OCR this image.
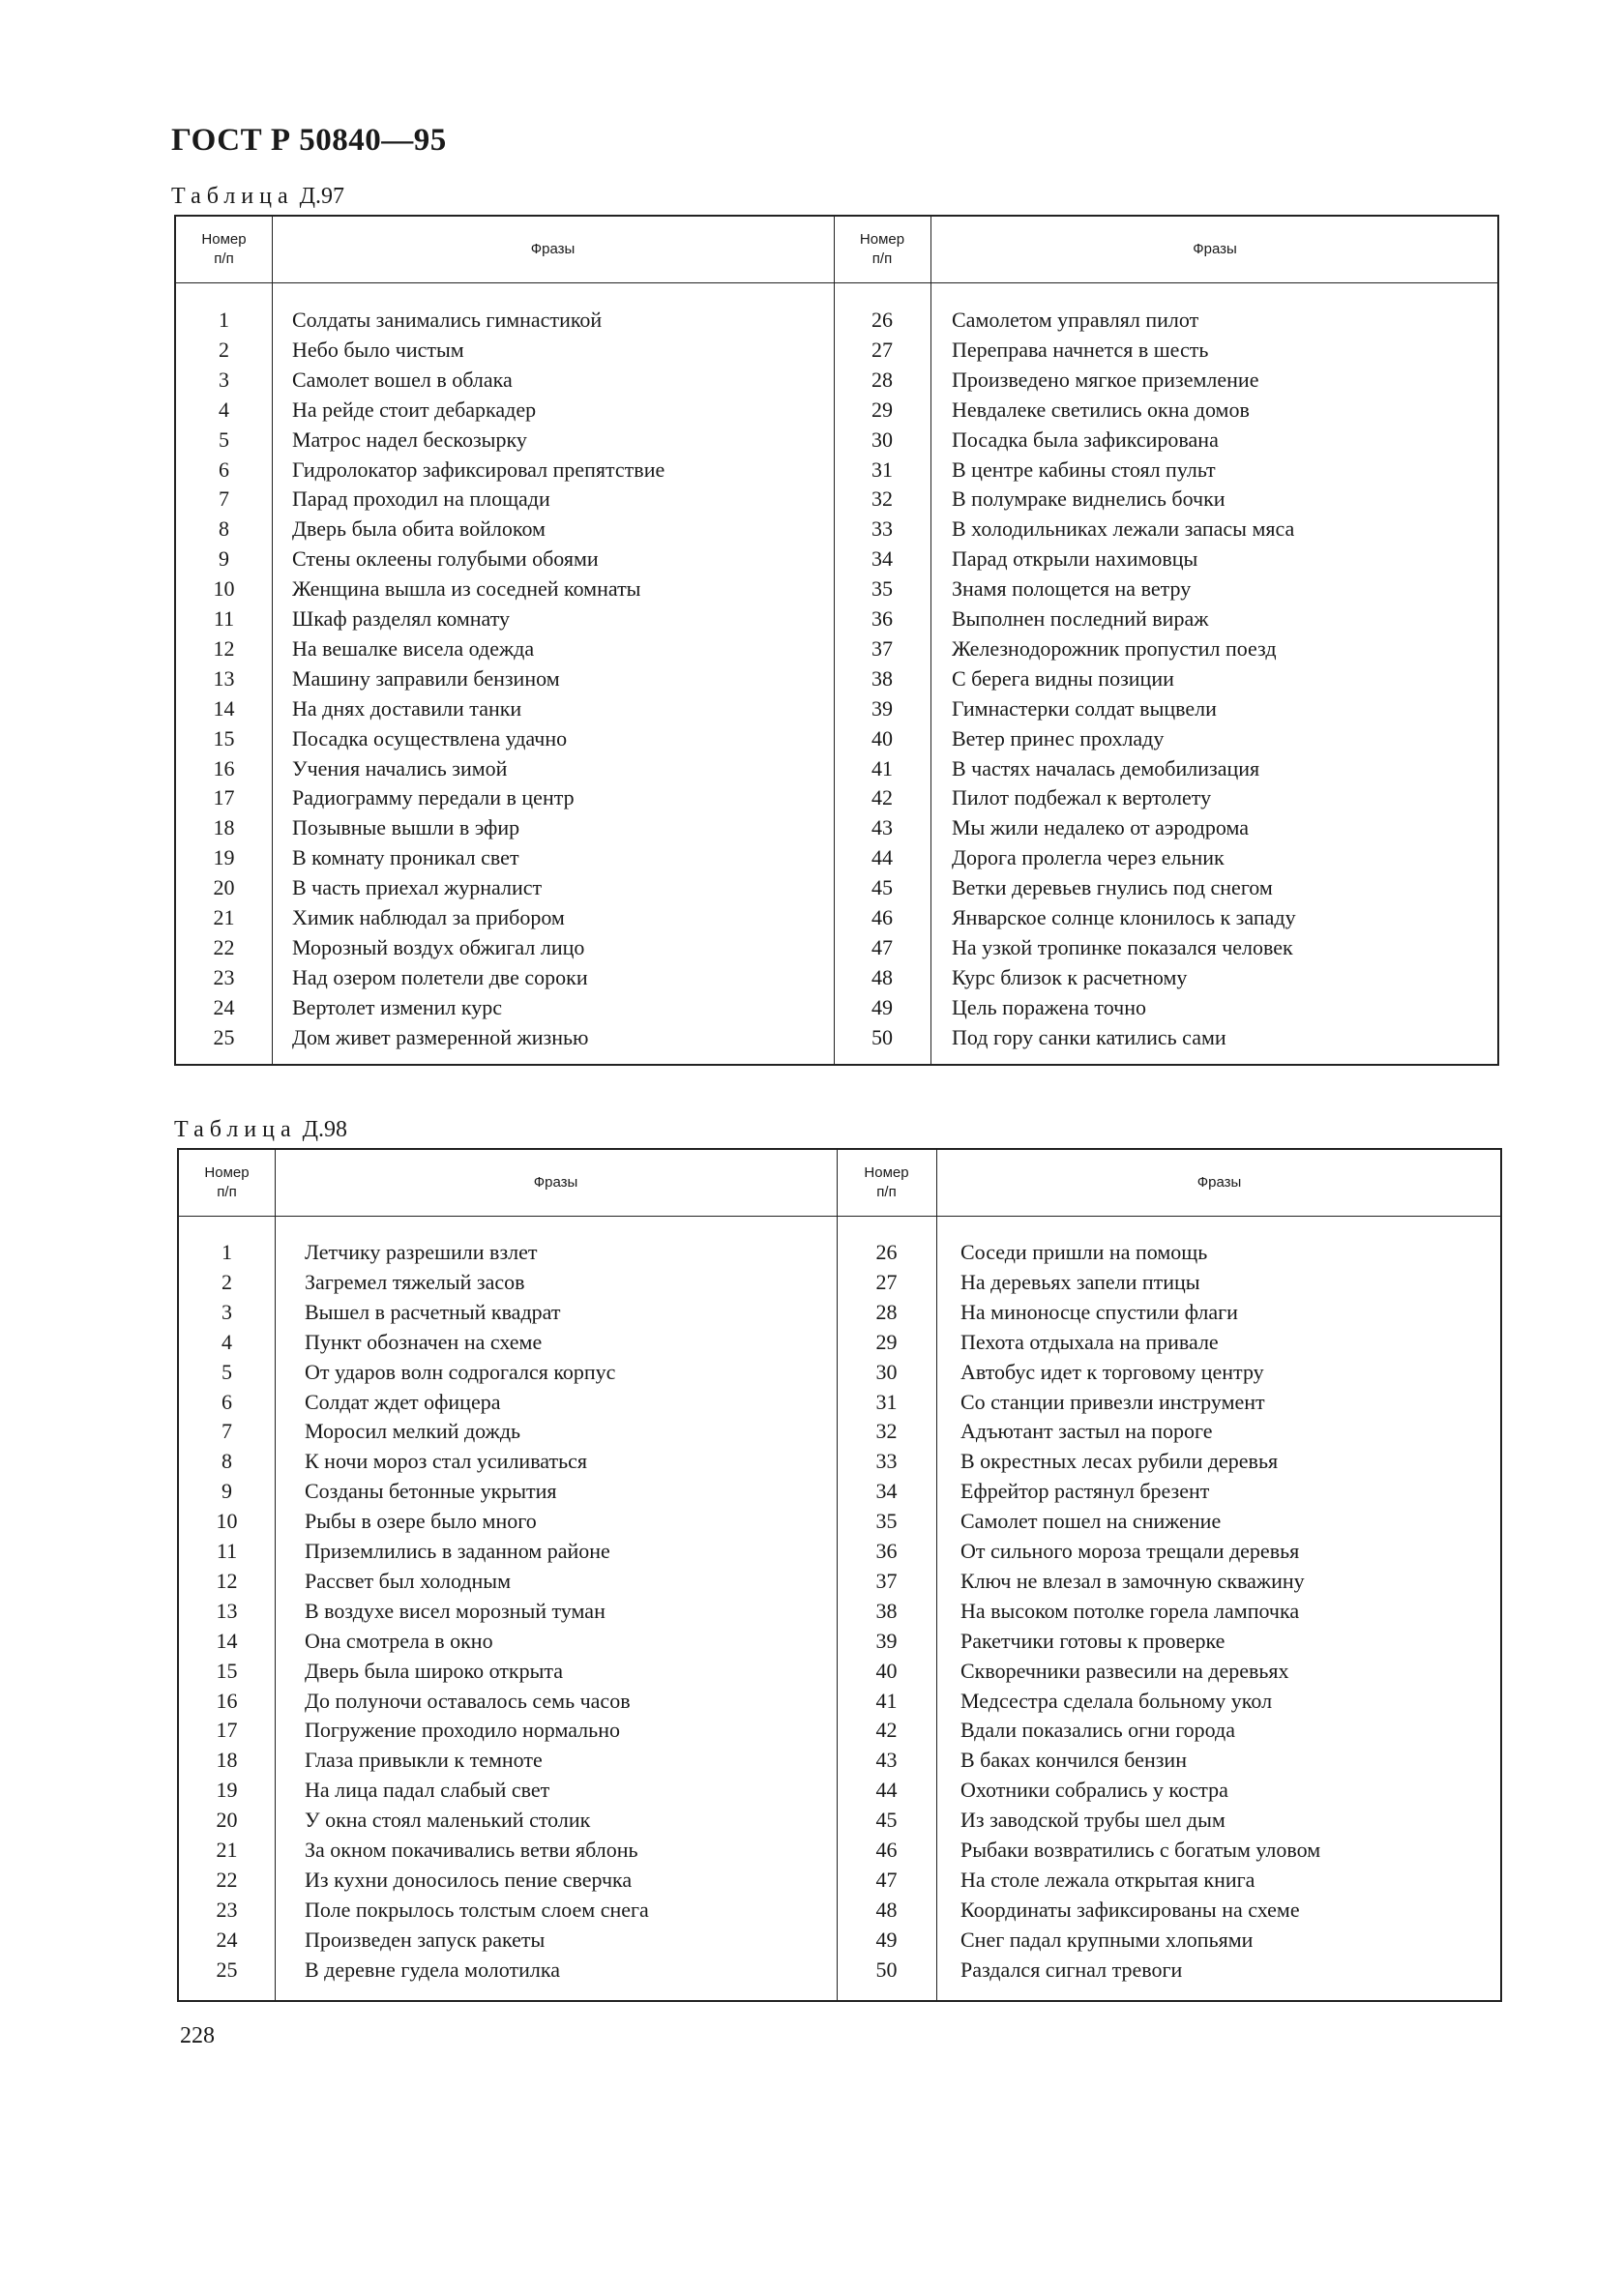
ГОСТ Р 50840—95

Таблица Д.97

Номер
п/п
Фразы
Номер
п/п
Фразы
1	Солдаты занимались гимнастикой	26	Самолетом управлял пилот
2	Небо было чистым	27	Переправа начнется в шесть
3	Самолет вошел в облака	28	Произведено мягкое приземление
4	На рейде стоит дебаркадер	29	Невдалеке светились окна домов
5	Матрос надел бескозырку	30	Посадка была зафиксирована
6	Гидролокатор зафиксировал препятствие	31	В центре кабины стоял пульт
7	Парад проходил на площади	32	В полумраке виднелись бочки
8	Дверь была обита войлоком	33	В холодильниках лежали запасы мяса
9	Стены оклеены голубыми обоями	34	Парад открыли нахимовцы
10	Женщина вышла из соседней комнаты	35	Знамя полощется на ветру
11	Шкаф разделял комнату	36	Выполнен последний вираж
12	На вешалке висела одежда	37	Железнодорожник пропустил поезд
13	Машину заправили бензином	38	С берега видны позиции
14	На днях доставили танки	39	Гимнастерки солдат выцвели
15	Посадка осуществлена удачно	40	Ветер принес прохладу
16	Учения начались зимой	41	В частях началась демобилизация
17	Радиограмму передали в центр	42	Пилот подбежал к вертолету
18	Позывные вышли в эфир	43	Мы жили недалеко от аэродрома
19	В комнату проникал свет	44	Дорога пролегла через ельник
20	В часть приехал журналист	45	Ветки деревьев гнулись под снегом
21	Химик наблюдал за прибором	46	Январское солнце клонилось к западу
22	Морозный воздух обжигал лицо	47	На узкой тропинке показался человек
23	Над озером полетели две сороки	48	Курс близок к расчетному
24	Вертолет изменил курс	49	Цель поражена точно
25	Дом живет размеренной жизнью	50	Под гору санки катились сами

Таблица Д.98

Номер
п/п
Фразы
Номер
п/п
Фразы
1	Летчику разрешили взлет	26	Соседи пришли на помощь
2	Загремел тяжелый засов	27	На деревьях запели птицы
3	Вышел в расчетный квадрат	28	На миноносце спустили флаги
4	Пункт обозначен на схеме	29	Пехота отдыхала на привале
5	От ударов волн содрогался корпус	30	Автобус идет к торговому центру
6	Солдат ждет офицера	31	Со станции привезли инструмент
7	Моросил мелкий дождь	32	Адъютант застыл на пороге
8	К ночи мороз стал усиливаться	33	В окрестных лесах рубили деревья
9	Созданы бетонные укрытия	34	Ефрейтор растянул брезент
10	Рыбы в озере было много	35	Самолет пошел на снижение
11	Приземлились в заданном районе	36	От сильного мороза трещали деревья
12	Рассвет был холодным	37	Ключ не влезал в замочную скважину
13	В воздухе висел морозный туман	38	На высоком потолке горела лампочка
14	Она смотрела в окно	39	Ракетчики готовы к проверке
15	Дверь была широко открыта	40	Скворечники развесили на деревьях
16	До полуночи оставалось семь часов	41	Медсестра сделала больному укол
17	Погружение проходило нормально	42	Вдали показались огни города
18	Глаза привыкли к темноте	43	В баках кончился бензин
19	На лица падал слабый свет	44	Охотники собрались у костра
20	У окна стоял маленький столик	45	Из заводской трубы шел дым
21	За окном покачивались ветви яблонь	46	Рыбаки возвратились с богатым уловом
22	Из кухни доносилось пение сверчка	47	На столе лежала открытая книга
23	Поле покрылось толстым слоем снега	48	Координаты зафиксированы на схеме
24	Произведен запуск ракеты	49	Снег падал крупными хлопьями
25	В деревне гудела молотилка	50	Раздался сигнал тревоги

228
